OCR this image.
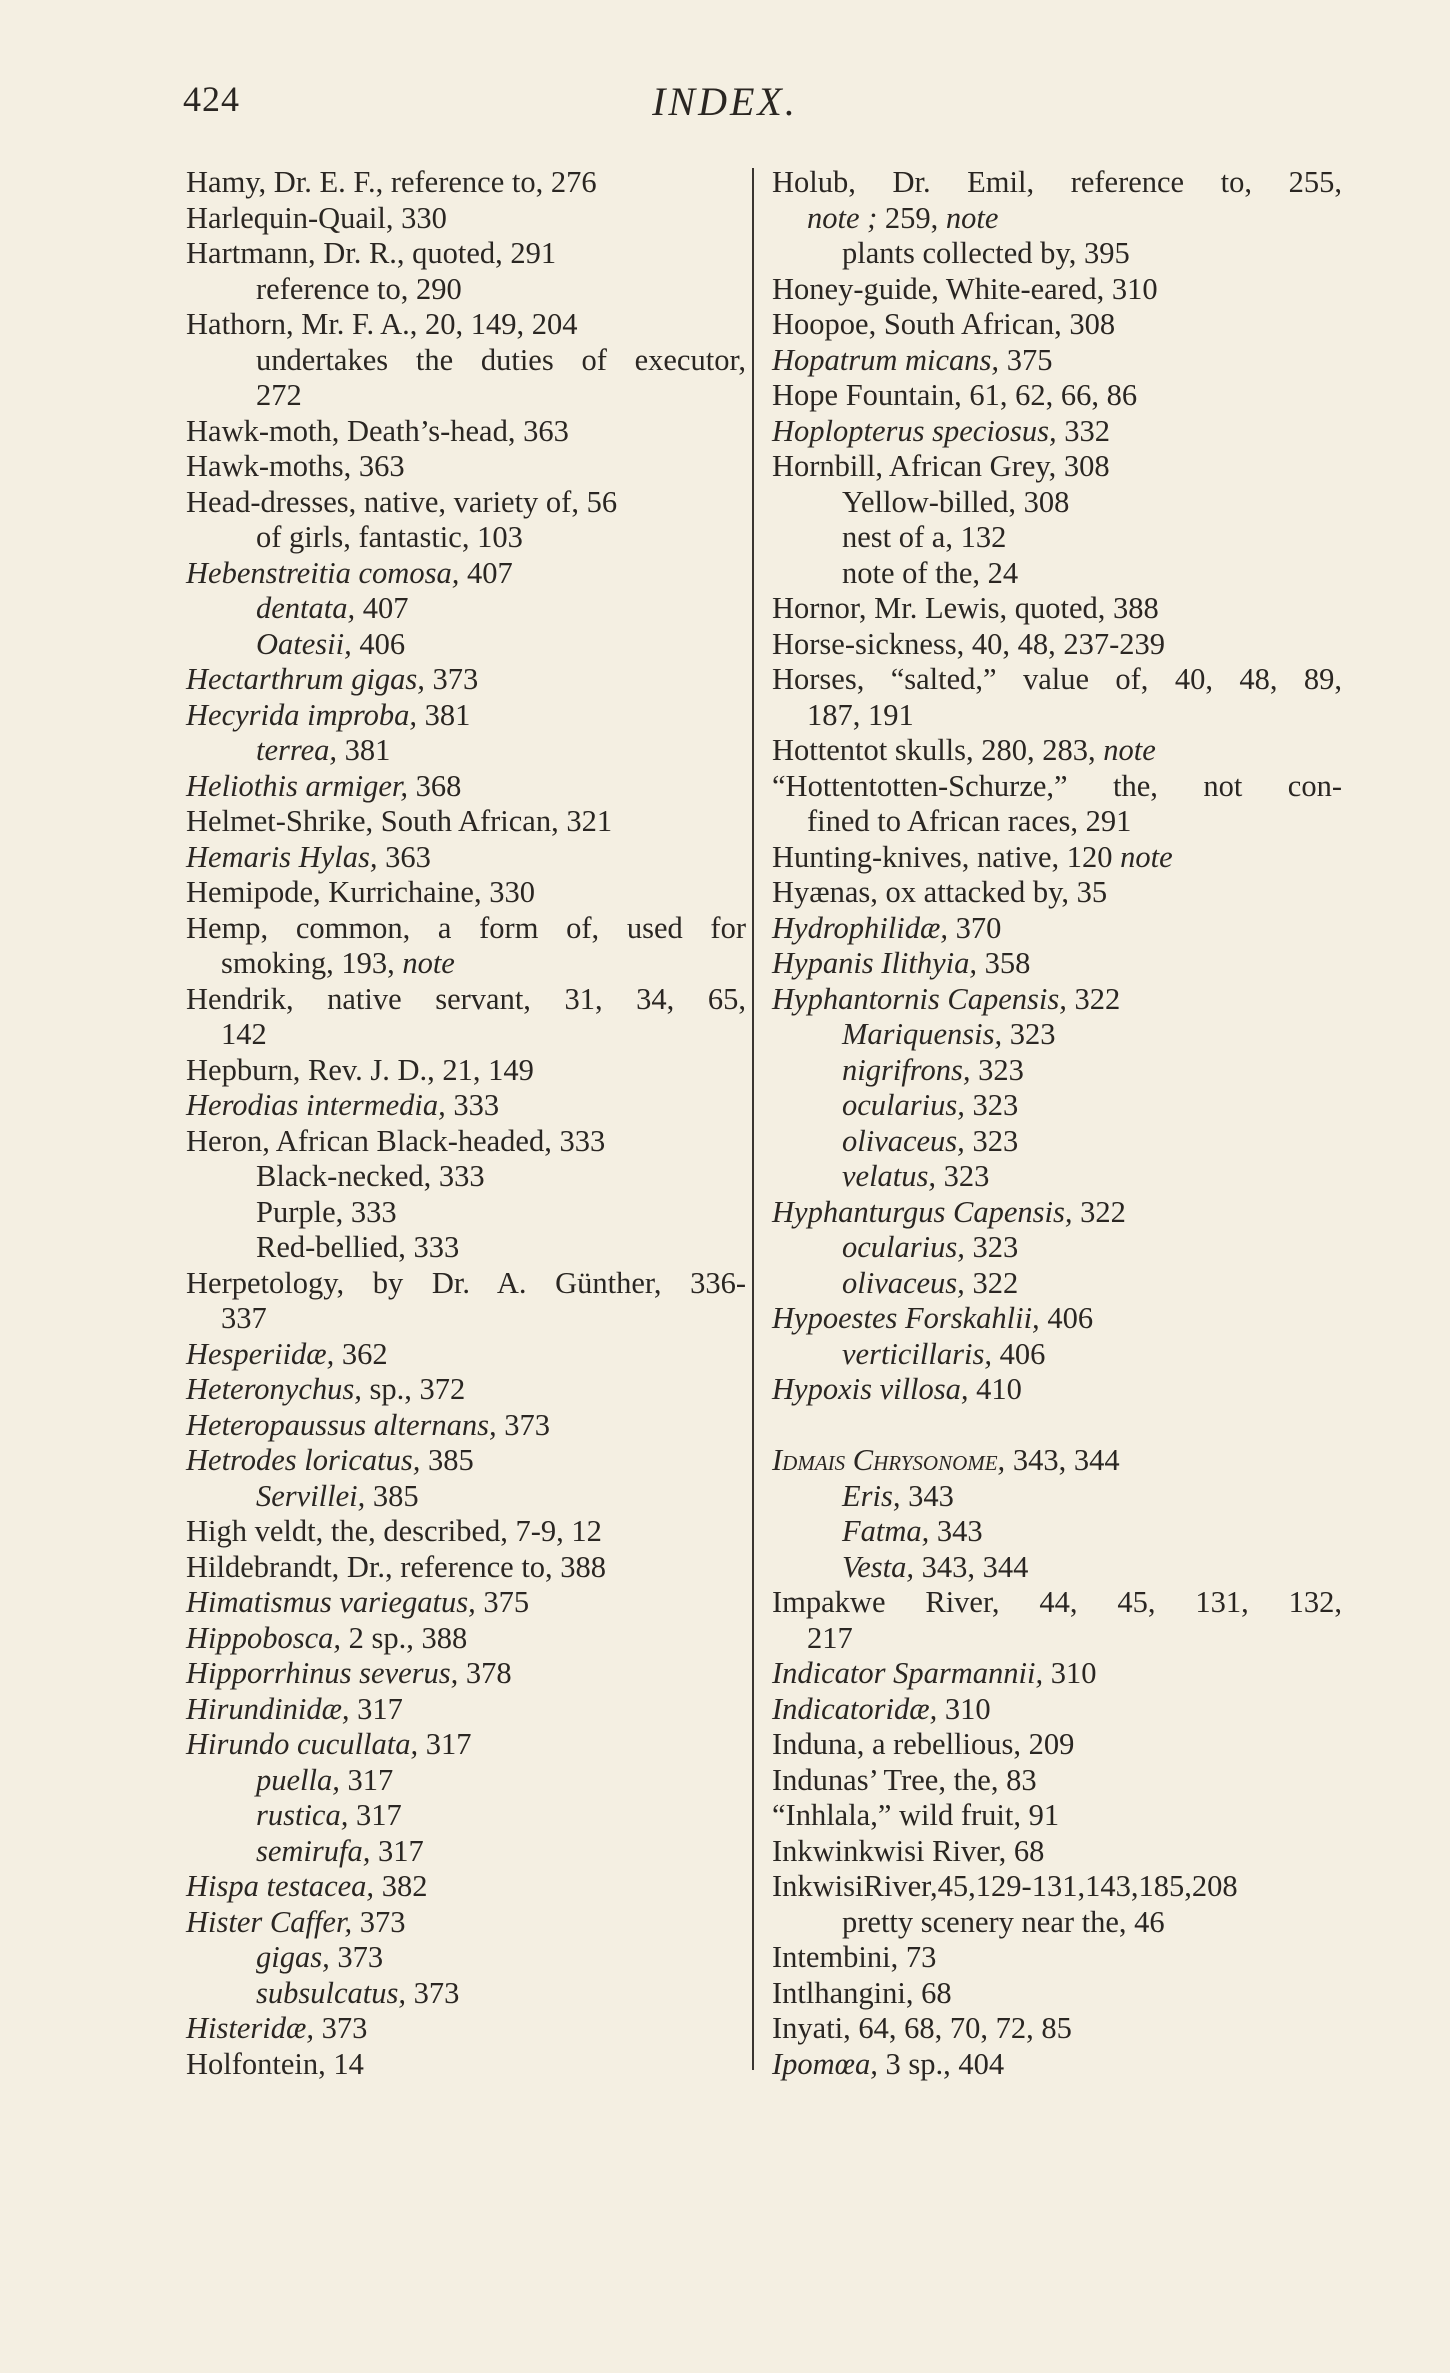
424	INDEX.
Hamy, Dr. E. F., reference to, 276
Harlequin-Quail, 330
Hartmann, Dr. R., quoted, 291
reference to, 290
Hathorn, Mr. F. A., 20, 149, 204
undertakes the duties of executor,
272
Hawk-moth, Death’s-head, 363
Hawk-moths, 363
Head-dresses, native, variety of, 56
of girls, fantastic, 103
Hebenstreitia comosa, 407
dentata, 407
Oatesii, 406
Hectarthrum gigas, 373
Hecyrida improba, 381
terrea, 381
Heliothis armiger, 368
Helmet-Shrike, South African, 321
Hemaris Hylas, 363
Hemipode, Kurrichaine, 330
Hemp, common, a form of, used for
smoking, 193, note
Hendrik, native servant, 31, 34, 65,
142
Hepburn, Rev. J. D., 21, 149
Herodias intermedia, 333
Heron, African Black-headed, 333
Black-necked, 333
Purple, 333
Red-bellied, 333
Herpetology, by Dr. A. Günther, 336-
337
Hesperiidæ, 362
Heteronychus, sp., 372
Heteropaussus alternans, 373
Hetrodes loricatus, 385
Servillei, 385
High veldt, the, described, 7-9, 12
Hildebrandt, Dr., reference to, 388
Himatismus variegatus, 375
Hippobosca, 2 sp., 388
Hipporrhinus severus, 378
Hirundinidæ, 317
Hirundo cucullata, 317
puella, 317
rustica, 317
semirufa, 317
Hispa testacea, 382
Hister Caffer, 373
gigas, 373
subsulcatus, 373
Histeridæ, 373
Holfontein, 14
Holub, Dr. Emil, reference to, 255,
note ; 259, note
plants collected by, 395
Honey-guide, White-eared, 310
Hoopoe, South African, 308
Hopatrum micans, 375
Hope Fountain, 61, 62, 66, 86
Hoplopterus speciosus, 332
Hornbill, African Grey, 308
Yellow-billed, 308
nest of a, 132
note of the, 24
Hornor, Mr. Lewis, quoted, 388
Horse-sickness, 40, 48, 237-239
Horses, “salted,” value of, 40, 48, 89,
187, 191
Hottentot skulls, 280, 283, note
“Hottentotten-Schurze,” the, not con-
fined to African races, 291
Hunting-knives, native, 120 note
Hyænas, ox attacked by, 35
Hydrophilidæ, 370
Hypanis Ilithyia, 358
Hyphantornis Capensis, 322
Mariquensis, 323
nigrifrons, 323
ocularius, 323
olivaceus, 323
velatus, 323
Hyphanturgus Capensis, 322
ocularius, 323
olivaceus, 322
Hypoestes Forskahlii, 406
verticillaris, 406
Hypoxis villosa, 410
Idmais Chrysonome, 343, 344
Eris, 343
Fatma, 343
Vesta, 343, 344
Impakwe River, 44, 45, 131, 132,
217
Indicator Sparmannii, 310
Indicatoridæ, 310
Induna, a rebellious, 209
Indunas’ Tree, the, 83
“Inhlala,” wild fruit, 91
Inkwinkwisi River, 68
InkwisiRiver,45,129-131,143,185,208
pretty scenery near the, 46
Intembini, 73
Intlhangini, 68
Inyati, 64, 68, 70, 72, 85
Ipomœa, 3 sp., 404
